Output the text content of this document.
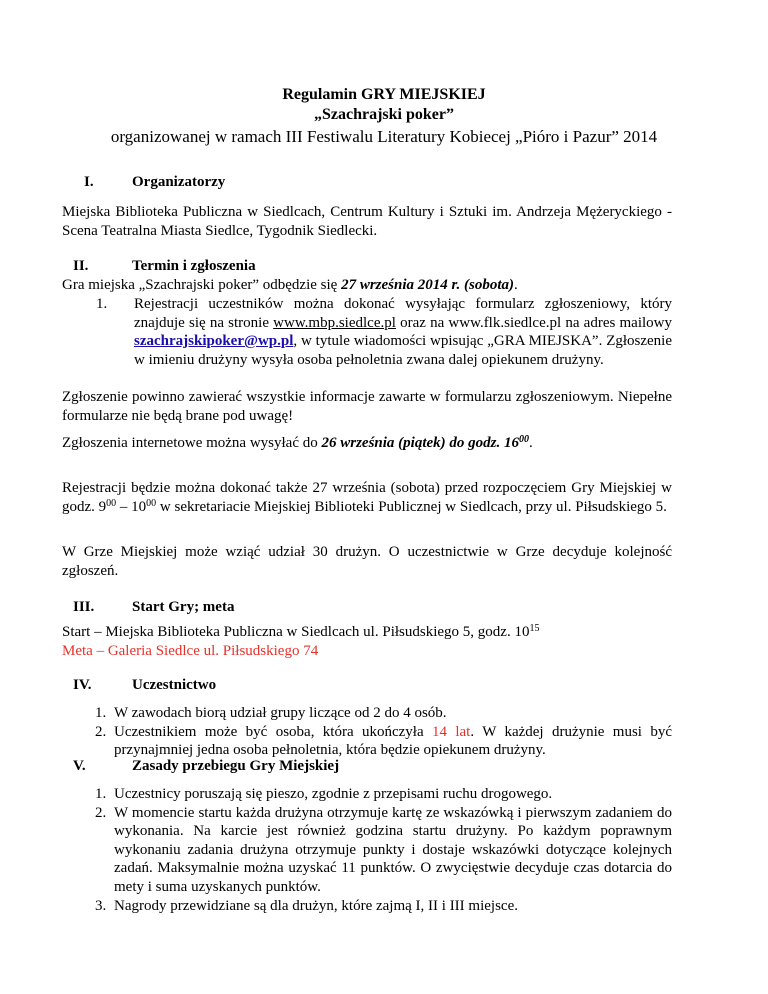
Regulamin GRY MIEJSKIEJ
„Szachrajski poker”
organizowanej w ramach III Festiwalu Literatury Kobiecej „Pióro i Pazur” 2014
I.	Organizatorzy
Miejska Biblioteka Publiczna w Siedlcach, Centrum Kultury i Sztuki im. Andrzeja Mężeryckiego - Scena Teatralna Miasta Siedlce, Tygodnik Siedlecki.
II.	Termin i zgłoszenia
Gra miejska „Szachrajski poker” odbędzie się 27 września 2014 r. (sobota).
1. Rejestracji uczestników można dokonać wysyłając formularz zgłoszeniowy, który znajduje się na stronie www.mbp.siedlce.pl oraz na www.flk.siedlce.pl na adres mailowy szachrajskipoker@wp.pl, w tytule wiadomości wpisując „GRA MIEJSKA”. Zgłoszenie w imieniu drużyny wysyła osoba pełnoletnia zwana dalej opiekunem drużyny.
Zgłoszenie powinno zawierać wszystkie informacje zawarte w formularzu zgłoszeniowym. Niepełne formularze nie będą brane pod uwagę!
Zgłoszenia internetowe można wysyłać do 26 września (piątek) do godz. $16^{00}$.
Rejestracji będzie można dokonać także 27 września (sobota) przed rozpoczęciem Gry Miejskiej w godz. $9^{00} - 10^{00}$ w sekretariacie Miejskiej Biblioteki Publicznej w Siedlcach, przy ul. Piłsudskiego 5.
W Grze Miejskiej może wziąć udział 30 drużyn. O uczestnictwie w Grze decyduje kolejność zgłoszeń.
III.	Start Gry; meta
Start – Miejska Biblioteka Publiczna w Siedlcach ul. Piłsudskiego 5, godz. $10^{15}$
Meta – Galeria Siedlce ul. Piłsudskiego 74
IV.	Uczestnictwo
1. W zawodach biorą udział grupy liczące od 2 do 4 osób.
2. Uczestnikiem może być osoba, która ukończyła 14 lat. W każdej drużynie musi być przynajmniej jedna osoba pełnoletnia, która będzie opiekunem drużyny.
V.	Zasady przebiegu Gry Miejskiej
1. Uczestnicy poruszają się pieszo, zgodnie z przepisami ruchu drogowego.
2. W momencie startu każda drużyna otrzymuje kartę ze wskazówką i pierwszym zadaniem do wykonania. Na karcie jest również godzina startu drużyny. Po każdym poprawnym wykonaniu zadania drużyna otrzymuje punkty i dostaje wskazówki dotyczące kolejnych zadań. Maksymalnie można uzyskać 11 punktów. O zwycięstwie decyduje czas dotarcia do mety i suma uzyskanych punktów.
3. Nagrody przewidziane są dla drużyn, które zajmą I, II i III miejsce.
